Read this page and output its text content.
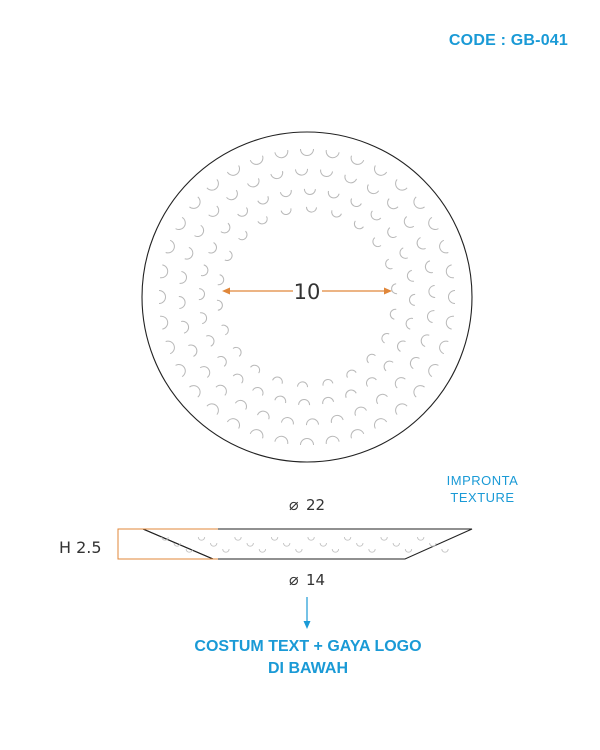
CODE : GB-041
10
⌀ 22
H 2.5
⌀ 14
IMPRONTA
TEXTURE
COSTUM TEXT + GAYA LOGO
DI BAWAH
